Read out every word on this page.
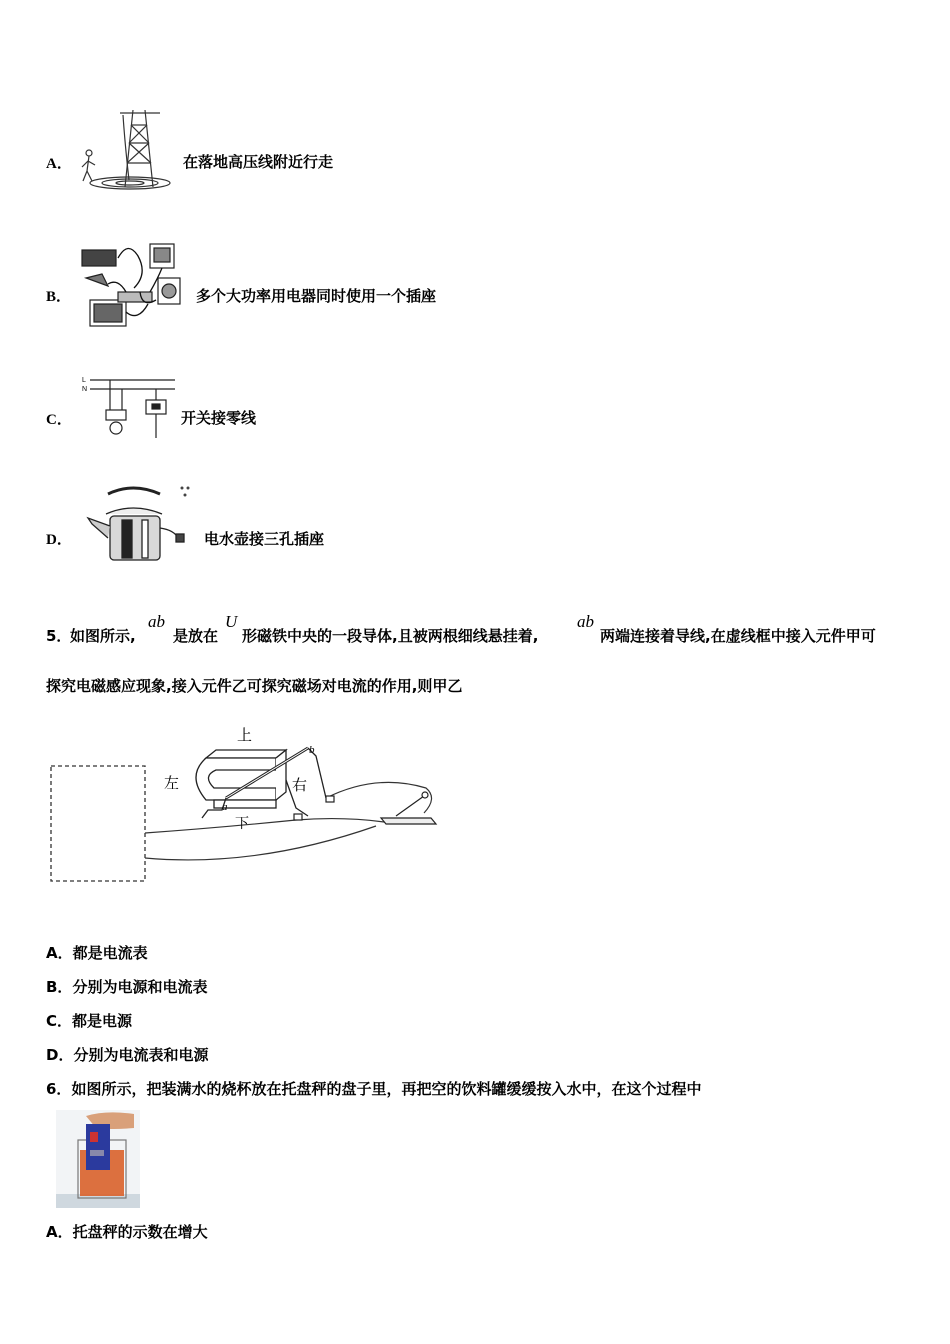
A．	在落地高压线附近行走
B．	多个大功率用电器同时使用一个插座
C．
L
N
开关接零线
D．	电水壶接三孔插座
5．
如图所示,
ab
是放在
U
形磁铁中央的一段导体,且被两根细线悬挂着,
ab
两端连接着导线,在虚线框中接入元件甲可
探究电磁感应现象,接入元件乙可探究磁场对电流的作用,则甲乙
上
下
左	右
a
b
A．都是电流表
B．分别为电源和电流表
C．都是电源
D．分别为电流表和电源
6．如图所示，把装满水的烧杯放在托盘秤的盘子里，再把空的饮料罐缓缓按入水中，在这个过程中
A．托盘秤的示数在增大
